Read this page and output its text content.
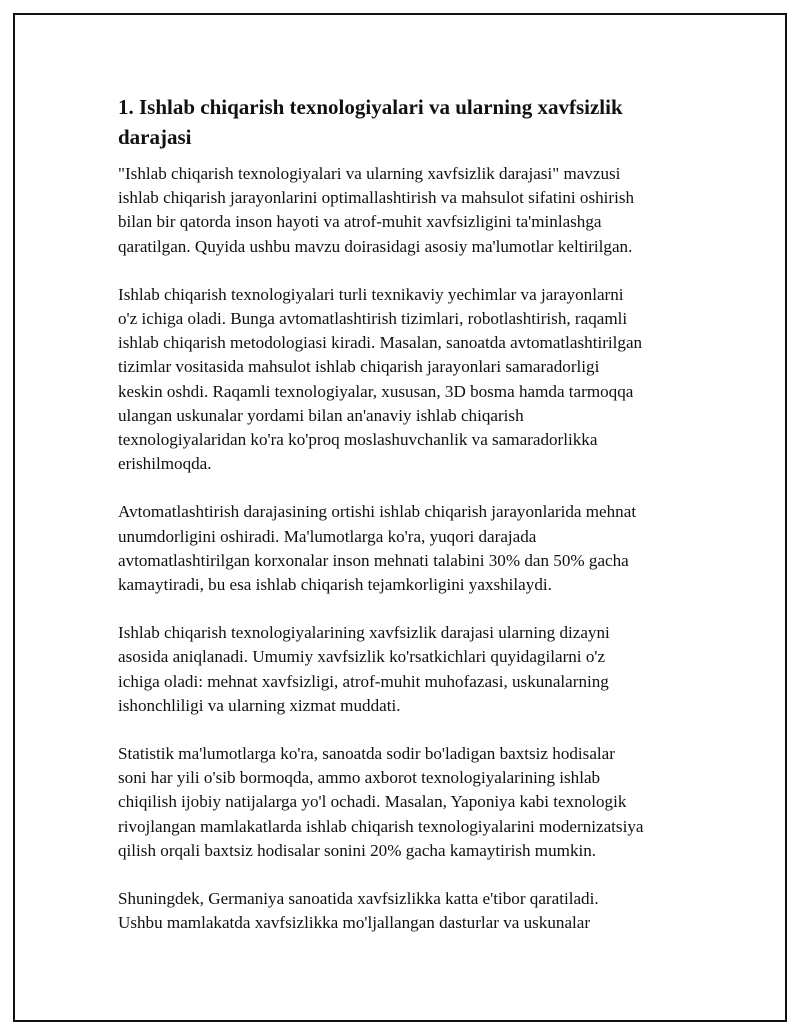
1. Ishlab chiqarish texnologiyalari va ularning xavfsizlik darajasi

"Ishlab chiqarish texnologiyalari va ularning xavfsizlik darajasi" mavzusi
ishlab chiqarish jarayonlarini optimallashtirish va mahsulot sifatini oshirish
bilan bir qatorda inson hayoti va atrof-muhit xavfsizligini ta'minlashga
qaratilgan. Quyida ushbu mavzu doirasidagi asosiy ma'lumotlar keltirilgan.

Ishlab chiqarish texnologiyalari turli texnikaviy yechimlar va jarayonlarni
o'z ichiga oladi. Bunga avtomatlashtirish tizimlari, robotlashtirish, raqamli
ishlab chiqarish metodologiasi kiradi. Masalan, sanoatda avtomatlashtirilgan
tizimlar vositasida mahsulot ishlab chiqarish jarayonlari samaradorligi
keskin oshdi. Raqamli texnologiyalar, xususan, 3D bosma hamda tarmoqqa
ulangan uskunalar yordami bilan an'anaviy ishlab chiqarish
texnologiyalaridan ko'ra ko'proq moslashuvchanlik va samaradorlikka
erishilmoqda.

Avtomatlashtirish darajasining ortishi ishlab chiqarish jarayonlarida mehnat
unumdorligini oshiradi. Ma'lumotlarga ko'ra, yuqori darajada
avtomatlashtirilgan korxonalar inson mehnati talabini 30% dan 50% gacha
kamaytiradi, bu esa ishlab chiqarish tejamkorligini yaxshilaydi.

Ishlab chiqarish texnologiyalarining xavfsizlik darajasi ularning dizayni
asosida aniqlanadi. Umumiy xavfsizlik ko'rsatkichlari quyidagilarni o'z
ichiga oladi: mehnat xavfsizligi, atrof-muhit muhofazasi, uskunalarning
ishonchliligi va ularning xizmat muddati.

Statistik ma'lumotlarga ko'ra, sanoatda sodir bo'ladigan baxtsiz hodisalar
soni har yili o'sib bormoqda, ammo axborot texnologiyalarining ishlab
chiqilish ijobiy natijalarga yo'l ochadi. Masalan, Yaponiya kabi texnologik
rivojlangan mamlakatlarda ishlab chiqarish texnologiyalarini modernizatsiya
qilish orqali baxtsiz hodisalar sonini 20% gacha kamaytirish mumkin.

Shuningdek, Germaniya sanoatida xavfsizlikka katta e'tibor qaratiladi.
Ushbu mamlakatda xavfsizlikka mo'ljallangan dasturlar va uskunalar
